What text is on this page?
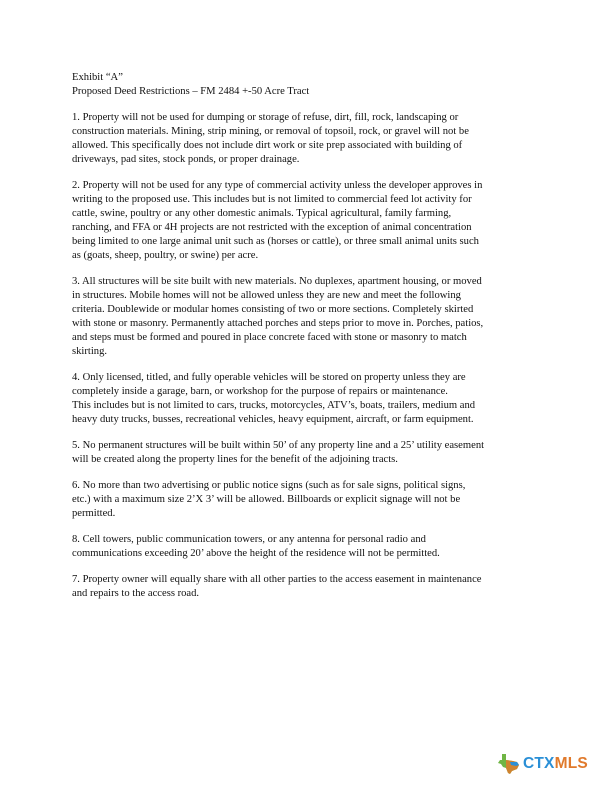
Exhibit “A”

Proposed Deed Restrictions – FM 2484 +-50 Acre Tract

1. Property will not be used for dumping or storage of refuse, dirt, fill, rock, landscaping or
construction materials. Mining, strip mining, or removal of topsoil, rock, or gravel will not be
allowed. This specifically does not include dirt work or site prep associated with building of
driveways, pad sites, stock ponds, or proper drainage.

2. Property will not be used for any type of commercial activity unless the developer approves in
writing to the proposed use. This includes but is not limited to commercial feed lot activity for
cattle, swine, poultry or any other domestic animals. Typical agricultural, family farming,
ranching, and FFA or 4H projects are not restricted with the exception of animal concentration
being limited to one large animal unit such as (horses or cattle), or three small animal units such
as (goats, sheep, poultry, or swine) per acre.

3. All structures will be site built with new materials. No duplexes, apartment housing, or moved
in structures. Mobile homes will not be allowed unless they are new and meet the following
criteria. Doublewide or modular homes consisting of two or more sections. Completely skirted
with stone or masonry. Permanently attached porches and steps prior to move in. Porches, patios,
and steps must be formed and poured in place concrete faced with stone or masonry to match
skirting.

4. Only licensed, titled, and fully operable vehicles will be stored on property unless they are
completely inside a garage, barn, or workshop for the purpose of repairs or maintenance.
This includes but is not limited to cars, trucks, motorcycles, ATV’s, boats, trailers, medium and
heavy duty trucks, busses, recreational vehicles, heavy equipment, aircraft, or farm equipment.

5. No permanent structures will be built within 50’ of any property line and a 25’ utility easement
will be created along the property lines for the benefit of the adjoining tracts.

6. No more than two advertising or public notice signs (such as for sale signs, political signs,
etc.) with a maximum size 2’X 3’ will be allowed. Billboards or explicit signage will not be
permitted.

8. Cell towers, public communication towers, or any antenna for personal radio and
communications exceeding 20’ above the height of the residence will not be permitted.

7. Property owner will equally share with all other parties to the access easement in maintenance
and repairs to the access road.

CTXMLS
